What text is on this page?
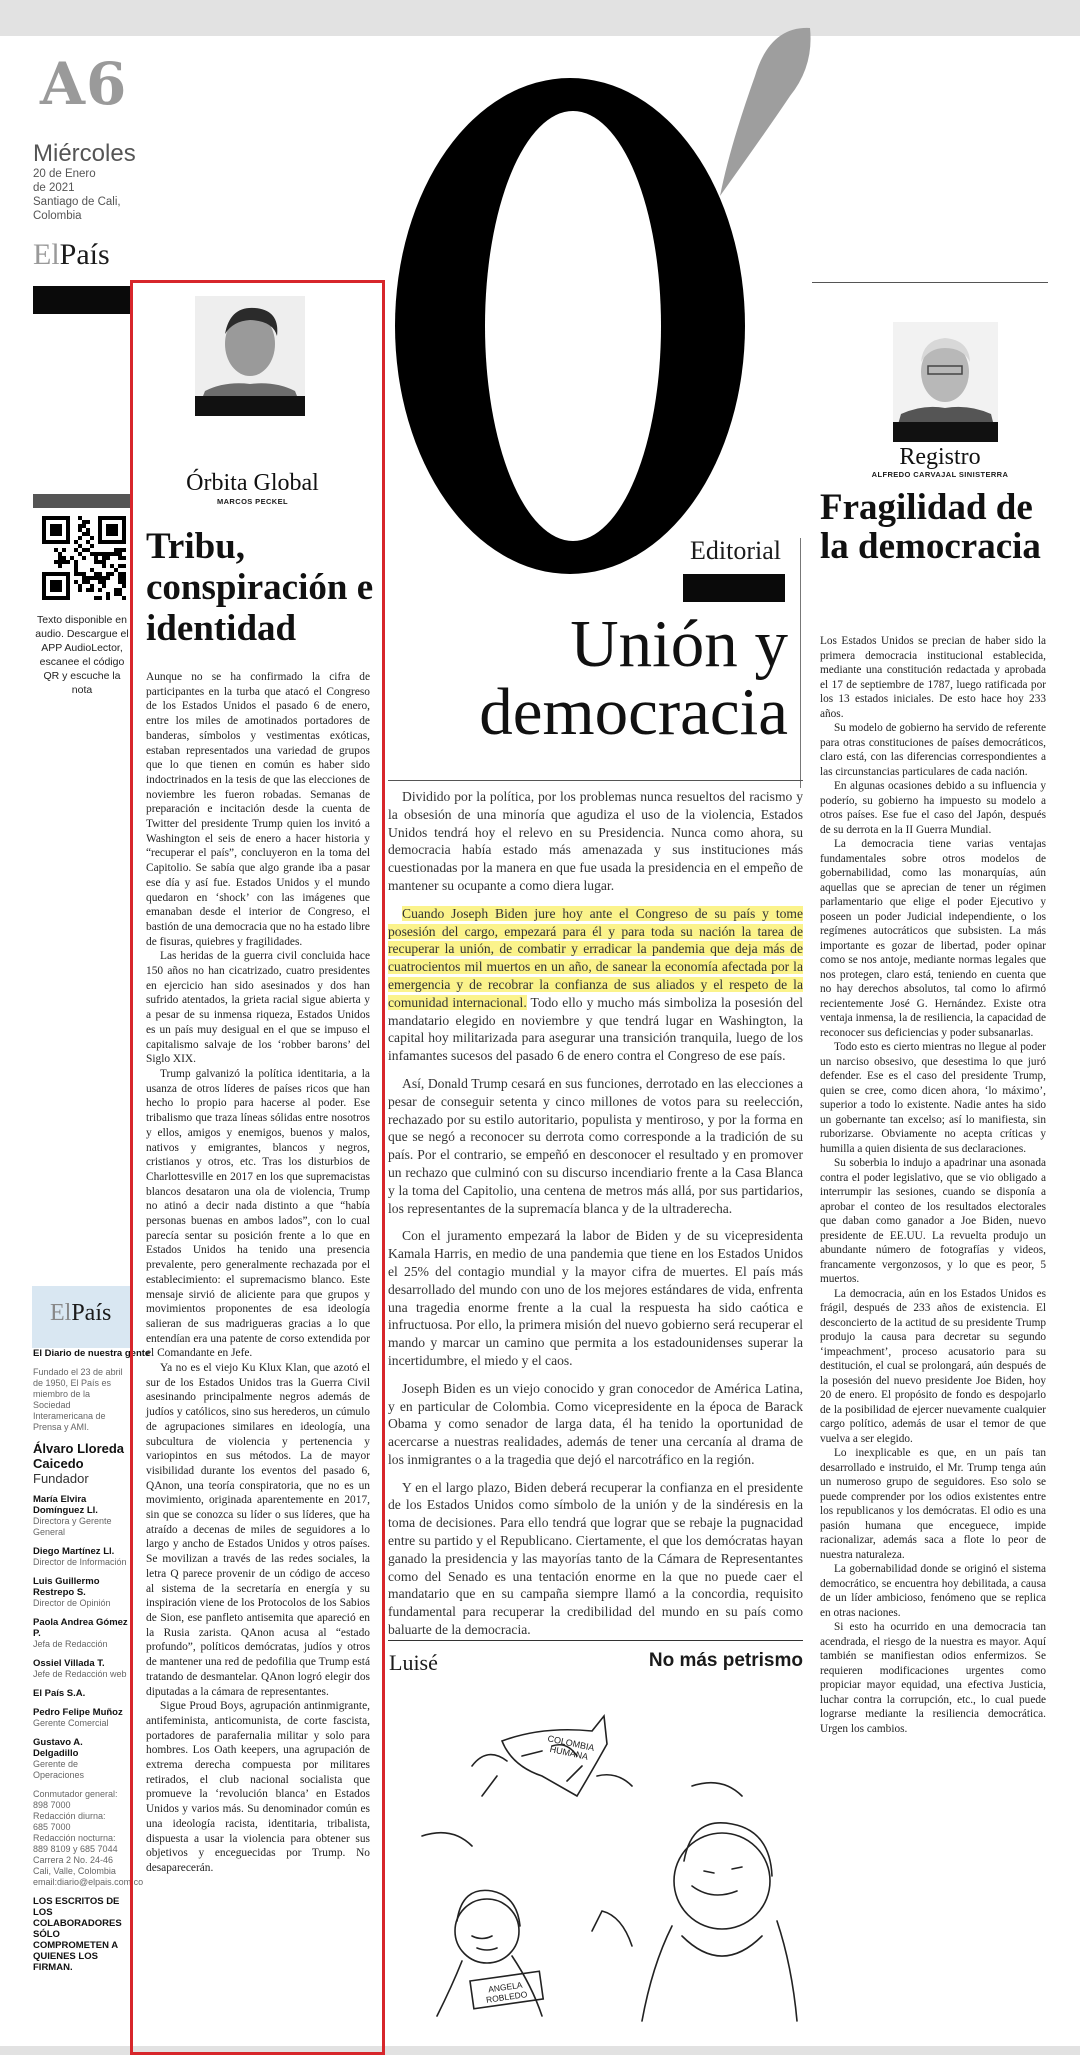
A6
Miércoles
20 de Enero
de 2021
Santiago de Cali,
Colombia
ElPaís
Texto disponible en audio. Descargue el APP AudioLector, escanee el código QR y escuche la nota
ElPaís
El Diario de nuestra gente
Fundado el 23 de abril de 1950, El País es miembro de la Sociedad Interamericana de Prensa y AMI.
Álvaro Lloreda Caicedo
Fundador
María Elvira Domínguez Ll.
Directora y Gerente General
Diego Martínez Ll.
Director de Información
Luis Guillermo Restrepo S.
Director de Opinión
Paola Andrea Gómez P.
Jefa de Redacción
Ossiel Villada T.
Jefe de Redacción web
El País S.A.
Pedro Felipe Muñoz
Gerente Comercial
Gustavo A. Delgadillo
Gerente de Operaciones
Conmutador general:
898 7000
Redacción diurna:
685 7000
Redacción nocturna:
889 8109 y 685 7044
Carrera 2 No. 24-46
Cali, Valle, Colombia
email:diario@elpais.com.co
LOS ESCRITOS DE LOS COLABORADORES SÓLO COMPROMETEN A QUIENES LOS FIRMAN.
Órbita Global
MARCOS PECKEL
Tribu, conspiración e identidad

Aunque no se ha confirmado la cifra de participantes en la turba que atacó el Congreso de los Estados Unidos el pasado 6 de enero, entre los miles de amotinados portadores de banderas, símbolos y vestimentas exóticas, estaban representados una variedad de grupos que lo que tienen en común es haber sido indoctrinados en la tesis de que las elecciones de noviembre les fueron robadas. Semanas de preparación e incitación desde la cuenta de Twitter del presidente Trump quien los invitó a Washington el seis de enero a hacer historia y “recuperar el país”, concluyeron en la toma del Capitolio. Se sabía que algo grande iba a pasar ese día y así fue. Estados Unidos y el mundo quedaron en ‘shock’ con las imágenes que emanaban desde el interior de Congreso, el bastión de una democracia que no ha estado libre de fisuras, quiebres y fragilidades.

Las heridas de la guerra civil concluida hace 150 años no han cicatrizado, cuatro presidentes en ejercicio han sido asesinados y dos han sufrido atentados, la grieta racial sigue abierta y a pesar de su inmensa riqueza, Estados Unidos es un país muy desigual en el que se impuso el capitalismo salvaje de los ‘robber barons’ del Siglo XIX.

Trump galvanizó la política identitaria, a la usanza de otros líderes de países ricos que han hecho lo propio para hacerse al poder. Ese tribalismo que traza líneas sólidas entre nosotros y ellos, amigos y enemigos, buenos y malos, nativos y emigrantes, blancos y negros, cristianos y otros, etc. Tras los disturbios de Charlottesville en 2017 en los que supremacistas blancos desataron una ola de violencia, Trump no atinó a decir nada distinto a que “había personas buenas en ambos lados”, con lo cual parecía sentar su posición frente a lo que en Estados Unidos ha tenido una presencia prevalente, pero generalmente rechazada por el establecimiento: el supremacismo blanco. Este mensaje sirvió de aliciente para que grupos y movimientos proponentes de esa ideología salieran de sus madrigueras gracias a lo que entendían era una patente de corso extendida por el Comandante en Jefe.

Ya no es el viejo Ku Klux Klan, que azotó el sur de los Estados Unidos tras la Guerra Civil asesinando principalmente negros además de judíos y católicos, sino sus herederos, un cúmulo de agrupaciones similares en ideología, una subcultura de violencia y pertenencia y variopintos en sus métodos. La de mayor visibilidad durante los eventos del pasado 6, QAnon, una teoría conspiratoria, que no es un movimiento, originada aparentemente en 2017, sin que se conozca su líder o sus líderes, que ha atraído a decenas de miles de seguidores a lo largo y ancho de Estados Unidos y otros países. Se movilizan a través de las redes sociales, la letra Q parece provenir de un código de acceso al sistema de la secretaría en energía y su inspiración viene de los Protocolos de los Sabios de Sion, ese panfleto antisemita que apareció en la Rusia zarista. QAnon acusa al “estado profundo”, políticos demócratas, judíos y otros de mantener una red de pedofilia que Trump está tratando de desmantelar. QAnon logró elegir dos diputadas a la cámara de representantes.

Sigue Proud Boys, agrupación antinmigrante, antifeminista, anticomunista, de corte fascista, portadores de parafernalia militar y solo para hombres. Los Oath keepers, una agrupación de extrema derecha compuesta por militares retirados, el club nacional socialista que promueve la ‘revolución blanca’ en Estados Unidos y varios más. Su denominador común es una ideología racista, identitaria, tribalista, dispuesta a usar la violencia para obtener sus objetivos y enceguecidas por Trump. No desaparecerán.

Editorial
Unión y
democracia

Dividido por la política, por los problemas nunca resueltos del racismo y la obsesión de una minoría que agudiza el uso de la violencia, Estados Unidos tendrá hoy el relevo en su Presidencia. Nunca como ahora, su democracia había estado más amenazada y sus instituciones más cuestionadas por la manera en que fue usada la presidencia en el empeño de mantener su ocupante a como diera lugar.

Cuando Joseph Biden jure hoy ante el Congreso de su país y tome posesión del cargo, empezará para él y para toda su nación la tarea de recuperar la unión, de combatir y erradicar la pandemia que deja más de cuatrocientos mil muertos en un año, de sanear la economía afectada por la emergencia y de recobrar la confianza de sus aliados y el respeto de la comunidad internacional. Todo ello y mucho más simboliza la posesión del mandatario elegido en noviembre y que tendrá lugar en Washington, la capital hoy militarizada para asegurar una transición tranquila, luego de los infamantes sucesos del pasado 6 de enero contra el Congreso de ese país.

Así, Donald Trump cesará en sus funciones, derrotado en las elecciones a pesar de conseguir setenta y cinco millones de votos para su reelección, rechazado por su estilo autoritario, populista y mentiroso, y por la forma en que se negó a reconocer su derrota como corresponde a la tradición de su país. Por el contrario, se empeñó en desconocer el resultado y en promover un rechazo que culminó con su discurso incendiario frente a la Casa Blanca y la toma del Capitolio, una centena de metros más allá, por sus partidarios, los representantes de la supremacía blanca y de la ultraderecha.

Con el juramento empezará la labor de Biden y de su vicepresidenta Kamala Harris, en medio de una pandemia que tiene en los Estados Unidos el 25% del contagio mundial y la mayor cifra de muertes. El país más desarrollado del mundo con uno de los mejores estándares de vida, enfrenta una tragedia enorme frente a la cual la respuesta ha sido caótica e infructuosa. Por ello, la primera misión del nuevo gobierno será recuperar el mando y marcar un camino que permita a los estadounidenses superar la incertidumbre, el miedo y el caos.

Joseph Biden es un viejo conocido y gran conocedor de América Latina, y en particular de Colombia. Como vicepresidente en la época de Barack Obama y como senador de larga data, él ha tenido la oportunidad de acercarse a nuestras realidades, además de tener una cercanía al drama de los inmigrantes o a la tragedia que dejó el narcotráfico en la región.

Y en el largo plazo, Biden deberá recuperar la confianza en el presidente de los Estados Unidos como símbolo de la unión y de la sindéresis en la toma de decisiones. Para ello tendrá que lograr que se rebaje la pugnacidad entre su partido y el Republicano. Ciertamente, el que los demócratas hayan ganado la presidencia y las mayorías tanto de la Cámara de Representantes como del Senado es una tentación enorme en la que no puede caer el mandatario que en su campaña siempre llamó a la concordia, requisito fundamental para recuperar la credibilidad del mundo en su país como baluarte de la democracia.

Luisé	No más petrismo
COLOMBIA HUMANA
ANGELA ROBLEDO
Registro
ALFREDO CARVAJAL SINISTERRA
Fragilidad de la democracia

Los Estados Unidos se precian de haber sido la primera democracia institucional establecida, mediante una constitución redactada y aprobada el 17 de septiembre de 1787, luego ratificada por los 13 estados iniciales. De esto hace hoy 233 años.

Su modelo de gobierno ha servido de referente para otras constituciones de países democráticos, claro está, con las diferencias correspondientes a las circunstancias particulares de cada nación.

En algunas ocasiones debido a su influencia y poderío, su gobierno ha impuesto su modelo a otros países. Ese fue el caso del Japón, después de su derrota en la II Guerra Mundial.

La democracia tiene varias ventajas fundamentales sobre otros modelos de gobernabilidad, como las monarquías, aún aquellas que se aprecian de tener un régimen parlamentario que elige el poder Ejecutivo y poseen un poder Judicial independiente, o los regímenes autocráticos que subsisten. La más importante es gozar de libertad, poder opinar como se nos antoje, mediante normas legales que nos protegen, claro está, teniendo en cuenta que no hay derechos absolutos, tal como lo afirmó recientemente José G. Hernández. Existe otra ventaja inmensa, la de resiliencia, la capacidad de reconocer sus deficiencias y poder subsanarlas.

Todo esto es cierto mientras no llegue al poder un narciso obsesivo, que desestima lo que juró defender. Ese es el caso del presidente Trump, quien se cree, como dicen ahora, ‘lo máximo’, superior a todo lo existente. Nadie antes ha sido un gobernante tan excelso; así lo manifiesta, sin ruborizarse. Obviamente no acepta críticas y humilla a quien disienta de sus declaraciones.

Su soberbia lo indujo a apadrinar una asonada contra el poder legislativo, que se vio obligado a interrumpir las sesiones, cuando se disponía a aprobar el conteo de los resultados electorales que daban como ganador a Joe Biden, nuevo presidente de EE.UU. La revuelta produjo un abundante número de fotografías y videos, francamente vergonzosos, y lo que es peor, 5 muertos.

La democracia, aún en los Estados Unidos es frágil, después de 233 años de existencia. El desconcierto de la actitud de su presidente Trump produjo la causa para decretar su segundo ‘impeachment’, proceso acusatorio para su destitución, el cual se prolongará, aún después de la posesión del nuevo presidente Joe Biden, hoy 20 de enero. El propósito de fondo es despojarlo de la posibilidad de ejercer nuevamente cualquier cargo político, además de usar el temor de que vuelva a ser elegido.

Lo inexplicable es que, en un país tan desarrollado e instruido, el Mr. Trump tenga aún un numeroso grupo de seguidores. Eso solo se puede comprender por los odios existentes entre los republicanos y los demócratas. El odio es una pasión humana que enceguece, impide racionalizar, además saca a flote lo peor de nuestra naturaleza.

La gobernabilidad donde se originó el sistema democrático, se encuentra hoy debilitada, a causa de un líder ambicioso, fenómeno que se replica en otras naciones.

Si esto ha ocurrido en una democracia tan acendrada, el riesgo de la nuestra es mayor. Aquí también se manifiestan odios enfermizos. Se requieren modificaciones urgentes como propiciar mayor equidad, una efectiva Justicia, luchar contra la corrupción, etc., lo cual puede lograrse mediante la resiliencia democrática. Urgen los cambios.
